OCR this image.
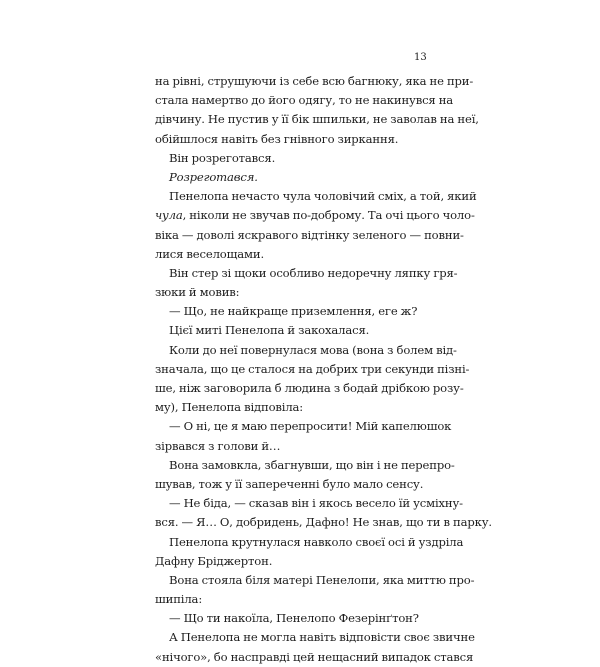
13
на рівні, струшуючи із себе всю багнюку, яка не при-
стала намертво до його одягу, то не накинувся на
дівчину. Не пустив у її бік шпильки, не заволав на неї,
обійшлося навіть без гнівного зиркання.
Він розреготався.
Розреготався.
Пенелопа нечасто чула чоловічий сміх, а той, який
чула, ніколи не звучав по-доброму. Та очі цього чоло-
віка — доволі яскравого відтінку зеленого — повни-
лися веселощами.
Він стер зі щоки особливо недоречну ляпку гря-
зюки й мовив:
— Що, не найкраще приземлення, еге ж?
Цієї миті Пенелопа й закохалася.
Коли до неї повернулася мова (вона з болем від-
значала, що це сталося на добрих три секунди пізні-
ше, ніж заговорила б людина з бодай дрібкою розу-
му), Пенелопа відповіла:
— О ні, це я маю перепросити! Мій капелюшок
зірвався з голови й…
Вона замовкла, збагнувши, що він і не перепро-
шував, тож у її запереченні було мало сенсу.
— Не біда, — сказав він і якось весело їй усміхну-
вся. — Я… О, добридень, Дафно! Не знав, що ти в парку.
Пенелопа крутнулася навколо своєї осі й уздріла
Дафну Бріджертон.
Вона стояла біля матері Пенелопи, яка миттю про-
шипіла:
— Що ти накоїла, Пенелопо Фезерінґтон?
А Пенелопа не могла навіть відповісти своє звичне
«нічого», бо насправді цей нещасний випадок стався
